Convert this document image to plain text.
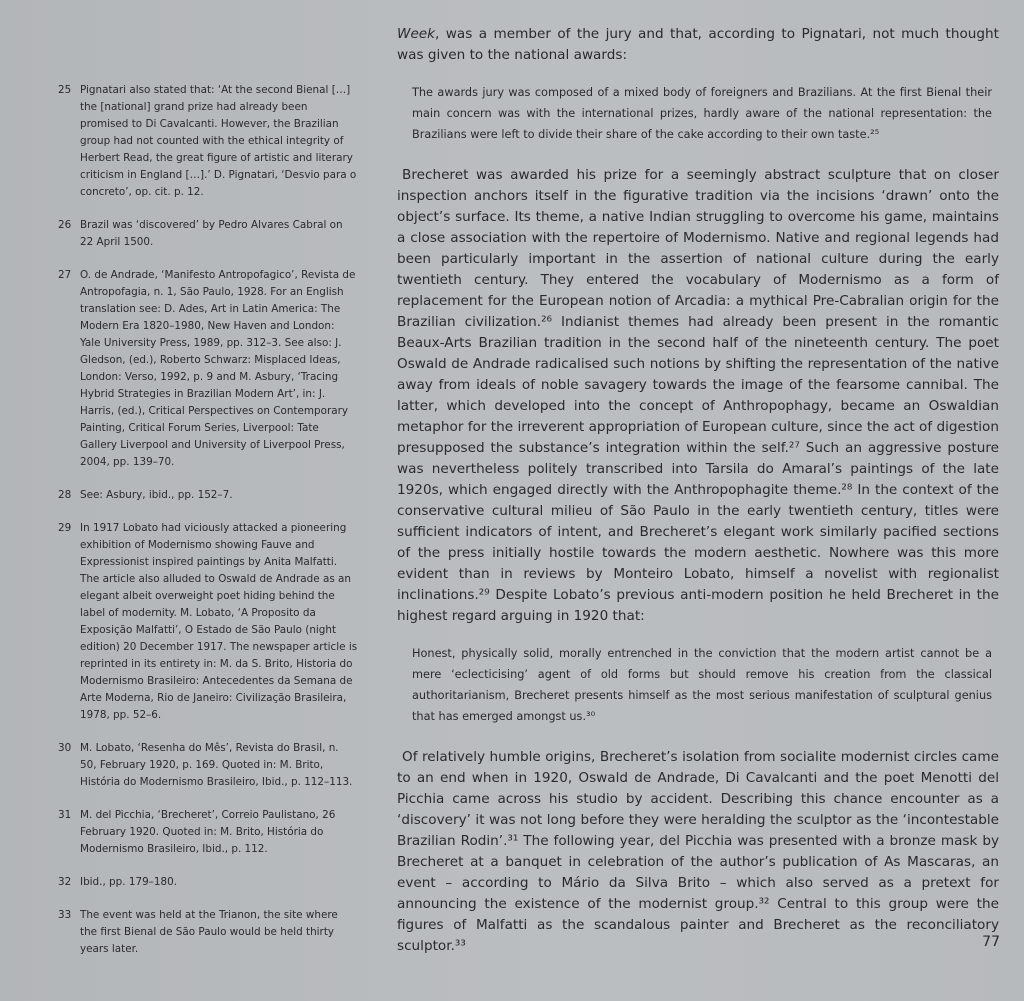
25 Pignatari also stated that: ‘At the second Bienal […] the [national] grand prize had already been promised to Di Cavalcanti. However, the Brazilian group had not counted with the ethical integrity of Herbert Read, the great figure of artistic and literary criticism in England […].’ D. Pignatari, ‘Desvio para o concreto’, op. cit. p. 12.
26 Brazil was ‘discovered’ by Pedro Alvares Cabral on 22 April 1500.
27 O. de Andrade, ‘Manifesto Antropofagico’, Revista de Antropofagia, n. 1, São Paulo, 1928. For an English translation see: D. Ades, Art in Latin America: The Modern Era 1820–1980, New Haven and London: Yale University Press, 1989, pp. 312–3. See also: J. Gledson, (ed.), Roberto Schwarz: Misplaced Ideas, London: Verso, 1992, p. 9 and M. Asbury, ‘Tracing Hybrid Strategies in Brazilian Modern Art’, in: J. Harris, (ed.), Critical Perspectives on Contemporary Painting, Critical Forum Series, Liverpool: Tate Gallery Liverpool and University of Liverpool Press, 2004, pp. 139–70.
28 See: Asbury, ibid., pp. 152–7.
29 In 1917 Lobato had viciously attacked a pioneering exhibition of Modernismo showing Fauve and Expressionist inspired paintings by Anita Malfatti. The article also alluded to Oswald de Andrade as an elegant albeit overweight poet hiding behind the label of modernity. M. Lobato, ‘A Proposito da Exposição Malfatti’, O Estado de São Paulo (night edition) 20 December 1917. The newspaper article is reprinted in its entirety in: M. da S. Brito, Historia do Modernismo Brasileiro: Antecedentes da Semana de Arte Moderna, Rio de Janeiro: Civilização Brasileira, 1978, pp. 52–6.
30 M. Lobato, ‘Resenha do Mês’, Revista do Brasil, n. 50, February 1920, p. 169. Quoted in: M. Brito, História do Modernismo Brasileiro, Ibid., p. 112–113.
31 M. del Picchia, ‘Brecheret’, Correio Paulistano, 26 February 1920. Quoted in: M. Brito, História do Modernismo Brasileiro, Ibid., p. 112.
32 Ibid., pp. 179–180.
33 The event was held at the Trianon, the site where the first Bienal de São Paulo would be held thirty years later.

Week, was a member of the jury and that, according to Pignatari, not much thought was given to the national awards:

The awards jury was composed of a mixed body of foreigners and Brazilians. At the first Bienal their main concern was with the international prizes, hardly aware of the national representation: the Brazilians were left to divide their share of the cake according to their own taste.²⁵

Brecheret was awarded his prize for a seemingly abstract sculpture that on closer inspection anchors itself in the figurative tradition via the incisions ‘drawn’ onto the object’s surface. Its theme, a native Indian struggling to overcome his game, maintains a close association with the repertoire of Modernismo. Native and regional legends had been particularly important in the assertion of national culture during the early twentieth century. They entered the vocabulary of Modernismo as a form of replacement for the European notion of Arcadia: a mythical Pre-Cabralian origin for the Brazilian civilization.²⁶ Indianist themes had already been present in the romantic Beaux-Arts Brazilian tradition in the second half of the nineteenth century. The poet Oswald de Andrade radicalised such notions by shifting the representation of the native away from ideals of noble savagery towards the image of the fearsome cannibal. The latter, which developed into the concept of Anthropophagy, became an Oswaldian metaphor for the irreverent appropriation of European culture, since the act of digestion presupposed the substance’s integration within the self.²⁷ Such an aggressive posture was nevertheless politely transcribed into Tarsila do Amaral’s paintings of the late 1920s, which engaged directly with the Anthropophagite theme.²⁸ In the context of the conservative cultural milieu of São Paulo in the early twentieth century, titles were sufficient indicators of intent, and Brecheret’s elegant work similarly pacified sections of the press initially hostile towards the modern aesthetic. Nowhere was this more evident than in reviews by Monteiro Lobato, himself a novelist with regionalist inclinations.²⁹ Despite Lobato’s previous anti-modern position he held Brecheret in the highest regard arguing in 1920 that:

Honest, physically solid, morally entrenched in the conviction that the modern artist cannot be a mere ‘eclecticising’ agent of old forms but should remove his creation from the classical authoritarianism, Brecheret presents himself as the most serious manifestation of sculptural genius that has emerged amongst us.³⁰

Of relatively humble origins, Brecheret’s isolation from socialite modernist circles came to an end when in 1920, Oswald de Andrade, Di Cavalcanti and the poet Menotti del Picchia came across his studio by accident. Describing this chance encounter as a ‘discovery’ it was not long before they were heralding the sculptor as the ‘incontestable Brazilian Rodin’.³¹ The following year, del Picchia was presented with a bronze mask by Brecheret at a banquet in celebration of the author’s publication of As Mascaras, an event – according to Mário da Silva Brito – which also served as a pretext for announcing the existence of the modernist group.³² Central to this group were the figures of Malfatti as the scandalous painter and Brecheret as the reconciliatory sculptor.³³	77
